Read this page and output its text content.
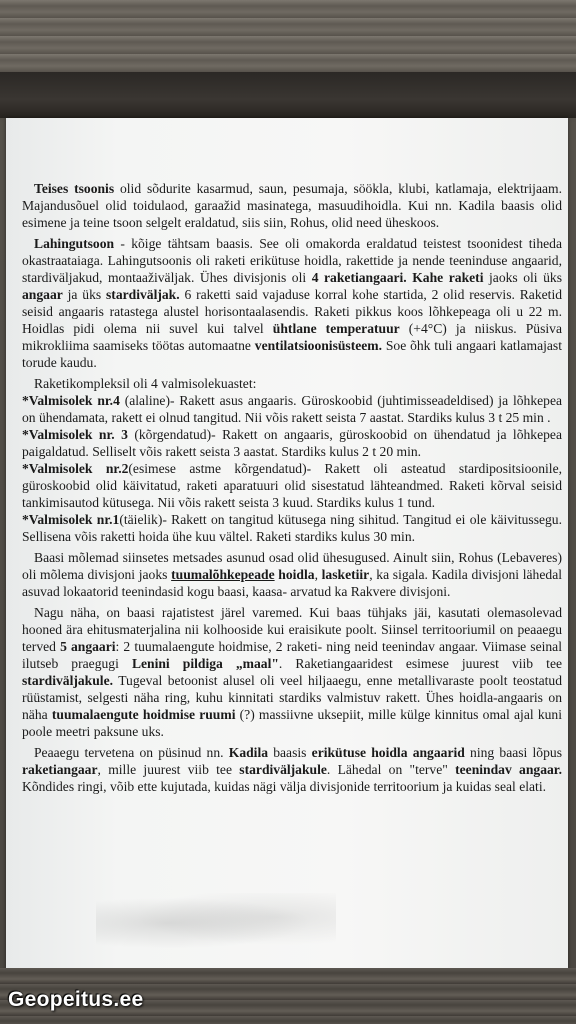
Teises tsoonis olid sõdurite kasarmud, saun, pesumaja, söökla, klubi, katlamaja, elektrijaam. Majandusõuel olid toidulaod, garaažid masinatega, masuudihoidla. Kui nn. Kadila baasis olid esimene ja teine tsoon selgelt eraldatud, siis siin, Rohus, olid need üheskoos.

Lahingutsoon - kõige tähtsam baasis. See oli omakorda eraldatud teistest tsoonidest tiheda okastraataiaga. Lahingutsoonis oli raketi erikütuse hoidla, rakettide ja nende teeninduse angaarid, stardiväljakud, montaaživäljak. Ühes divisjonis oli 4 raketiangaari. Kahe raketi jaoks oli üks angaar ja üks stardiväljak. 6 raketti said vajaduse korral kohe startida, 2 olid reservis. Raketid seisid angaaris ratastega alustel horisontaalasendis. Raketi pikkus koos lõhkepeaga oli u 22 m. Hoidlas pidi olema nii suvel kui talvel ühtlane temperatuur (+4°C) ja niiskus. Püsiva mikrokliima saamiseks töötas automaatne ventilatsioonisüsteem. Soe õhk tuli angaari katlamajast torude kaudu.

Raketikompleksil oli 4 valmisolekuastet:

*Valmisolek nr.4 (alaline)- Rakett asus angaaris. Güroskoobid (juhtimisseadeldised) ja lõhkepea on ühendamata, rakett ei olnud tangitud. Nii võis rakett seista 7 aastat. Stardiks kulus 3 t 25 min .

*Valmisolek nr. 3 (kõrgendatud)- Rakett on angaaris, güroskoobid on ühendatud ja lõhkepea paigaldatud. Selliselt võis rakett seista 3 aastat. Stardiks kulus 2 t 20 min.

*Valmisolek nr.2(esimese astme kõrgendatud)- Rakett oli asteatud stardipositsioonile, güroskoobid olid käivitatud, raketi aparatuuri olid sisestatud lähteandmed. Raketi kõrval seisid tankimisautod kütusega. Nii võis rakett seista 3 kuud. Stardiks kulus 1 tund.

*Valmisolek nr.1(täielik)- Rakett on tangitud kütusega ning sihitud. Tangitud ei ole käivitussegu. Sellisena võis raketti hoida ühe kuu vältel. Raketi stardiks kulus 30 min.

Baasi mõlemad siinsetes metsades asunud osad olid ühesugused. Ainult siin, Rohus (Lebaveres) oli mõlema divisjoni jaoks tuumalõhkepeade hoidla, lasketiir, ka sigala. Kadila divisjoni lähedal asuvad lokaatorid teenindasid kogu baasi, kaasa- arvatud ka Rakvere divisjoni.

Nagu näha, on baasi rajatistest järel varemed. Kui baas tühjaks jäi, kasutati olemasolevad hooned ära ehitusmaterjalina nii kolhooside kui eraisikute poolt. Siinsel territooriumil on peaaegu terved 5 angaari: 2 tuumalaengute hoidmise, 2 raketi- ning neid teenindav angaar. Viimase seinal ilutseb praegugi Lenini pildiga „maal". Raketiangaaridest esimese juurest viib tee stardiväljakule. Tugeval betoonist alusel oli veel hiljaaegu, enne metallivaraste poolt teostatud rüüstamist, selgesti näha ring, kuhu kinnitati stardiks valmistuv rakett. Ühes hoidla-angaaris on näha tuumalaengute hoidmise ruumi (?) massiivne uksepiit, mille külge kinnitus omal ajal kuni poole meetri paksune uks.

Peaaegu tervetena on püsinud nn. Kadila baasis erikütuse hoidla angaarid ning baasi lõpus raketiangaar, mille juurest viib tee stardiväljakule. Lähedal on "terve" teenindav angaar. Kõndides ringi, võib ette kujutada, kuidas nägi välja divisjonide territoorium ja kuidas seal elati.

Geopeitus.ee
